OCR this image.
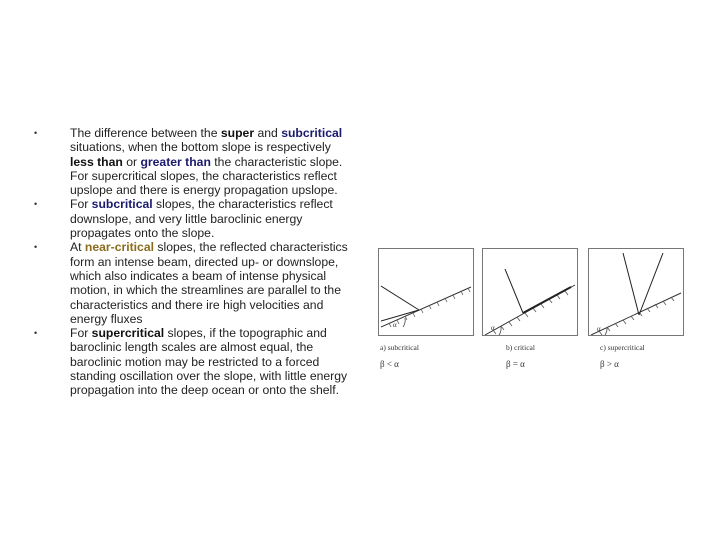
•	The difference between the super and subcritical situations, when the bottom slope is respectively less than or greater than the characteristic slope. For supercritical slopes, the characteristics reflect upslope and there is energy propagation upslope.
•	For subcritical slopes, the characteristics reflect downslope, and very little baroclinic energy propagates onto the slope.
•	At near-critical slopes, the reflected characteristics form an intense beam, directed up- or downslope, which also indicates a beam of intense physical motion, in which the streamlines are parallel to the characteristics and there ire high velocities and energy fluxes
•	For supercritical slopes, if the topographic and baroclinic length scales are almost equal, the baroclinic motion may be restricted to a forced standing oscillation over the slope, with little energy propagation into the deep ocean or onto the shelf.
α
a) subcritical
β < α
α
b) critical
β = α
α
c) supercritical
β > α
